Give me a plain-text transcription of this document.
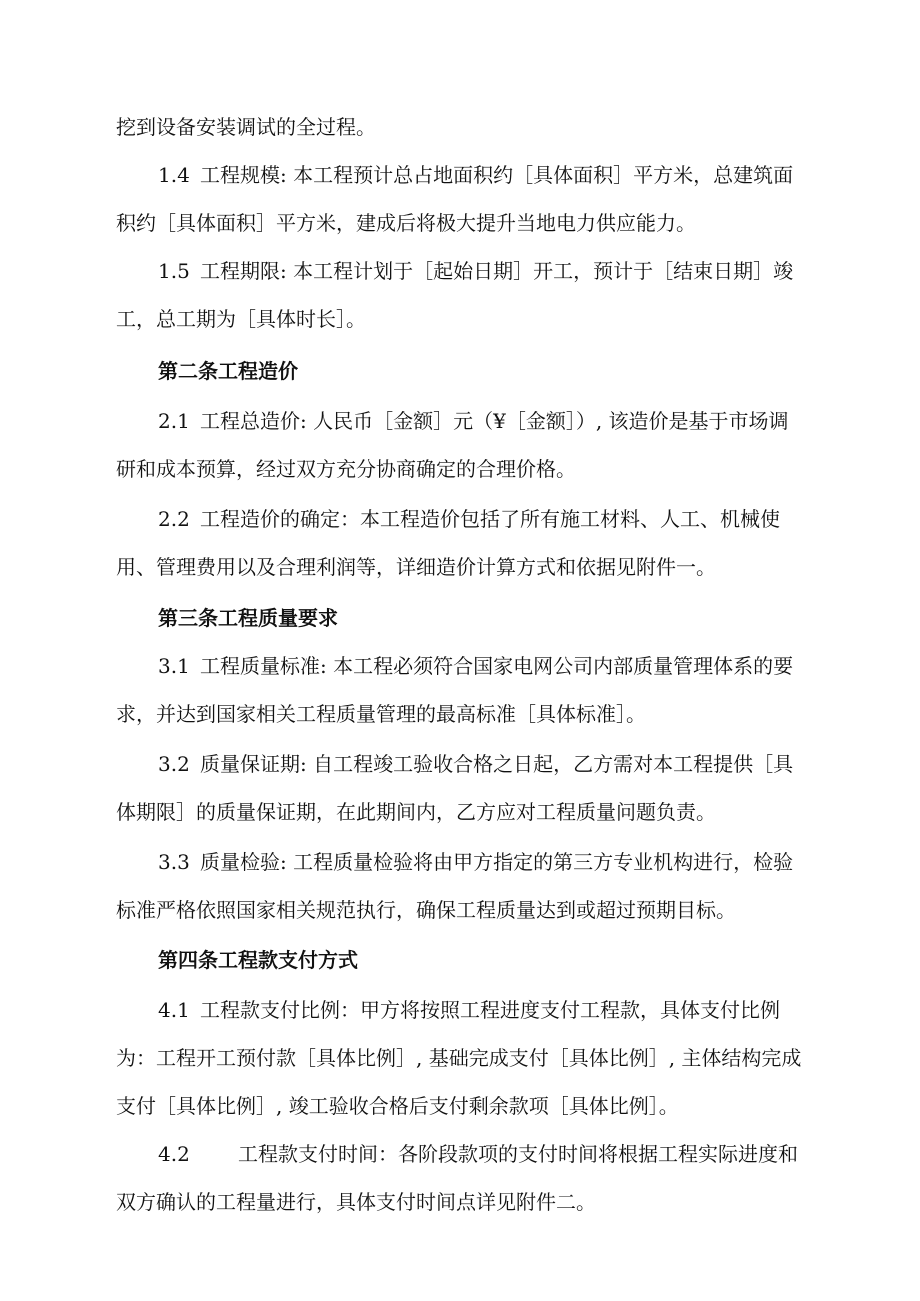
挖到设备安装调试的全过程。

1.4 工程规模: 本工程预计总占地面积约［具体面积］平方米，总建筑面积约［具体面积］平方米，建成后将极大提升当地电力供应能力。

1.5 工程期限: 本工程计划于［起始日期］开工，预计于［结束日期］竣工，总工期为［具体时长］。

第二条工程造价

2.1 工程总造价: 人民币［金额］元（¥［金额］）, 该造价是基于市场调研和成本预算，经过双方充分协商确定的合理价格。

2.2 工程造价的确定：本工程造价包括了所有施工材料、人工、机械使用、管理费用以及合理利润等，详细造价计算方式和依据见附件一。

第三条工程质量要求

3.1 工程质量标准: 本工程必须符合国家电网公司内部质量管理体系的要求，并达到国家相关工程质量管理的最高标准［具体标准］。

3.2 质量保证期: 自工程竣工验收合格之日起，乙方需对本工程提供［具体期限］的质量保证期，在此期间内，乙方应对工程质量问题负责。

3.3 质量检验: 工程质量检验将由甲方指定的第三方专业机构进行，检验标准严格依照国家相关规范执行，确保工程质量达到或超过预期目标。

第四条工程款支付方式

4.1 工程款支付比例：甲方将按照工程进度支付工程款，具体支付比例为：工程开工预付款［具体比例］, 基础完成支付［具体比例］, 主体结构完成支付［具体比例］, 竣工验收合格后支付剩余款项［具体比例］。

4.2 工程款支付时间：各阶段款项的支付时间将根据工程实际进度和双方确认的工程量进行，具体支付时间点详见附件二。
